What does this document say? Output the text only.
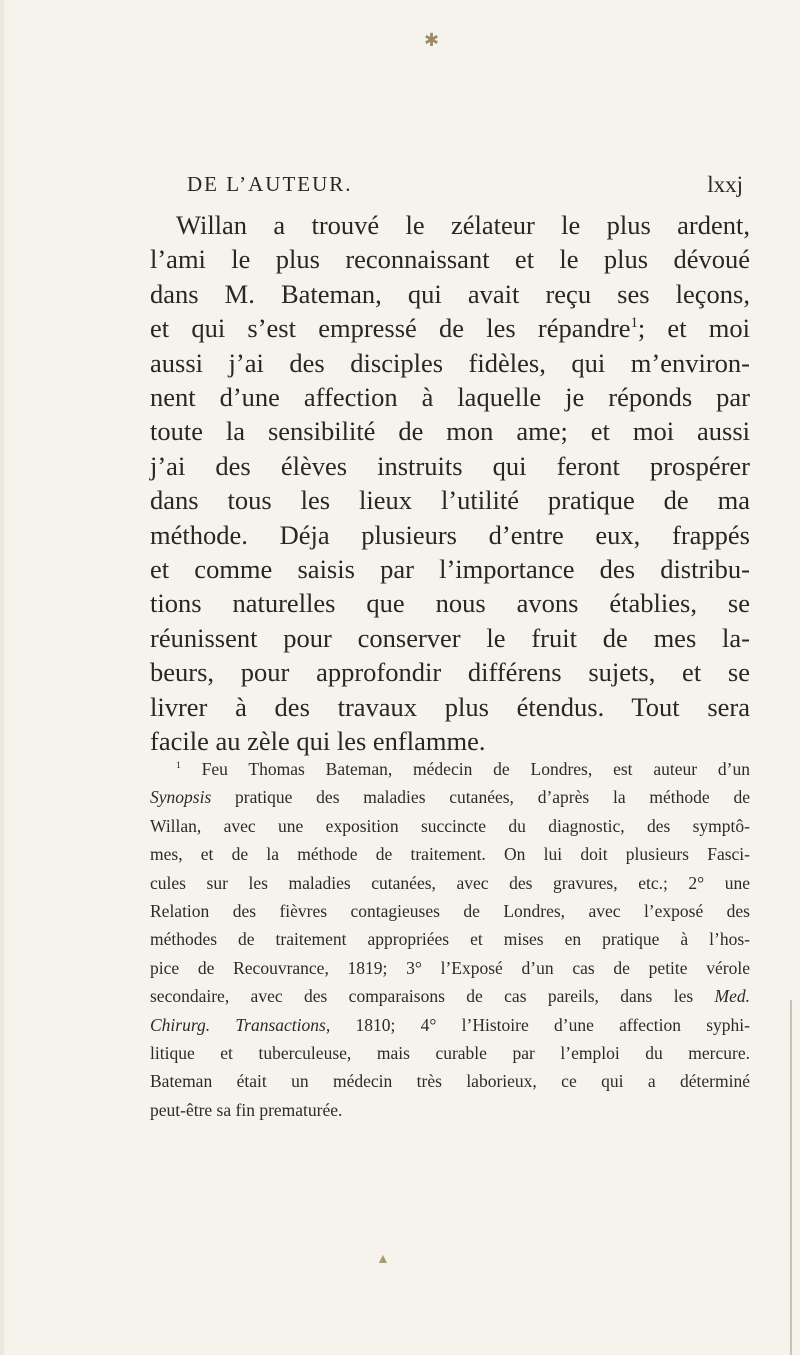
✱
DE L’AUTEUR.	lxxj
Willan a trouvé le zélateur le plus ardent,
l’ami le plus reconnaissant et le plus dévoué
dans M. Bateman, qui avait reçu ses leçons,
et qui s’est empressé de les répandre$^1$; et moi
aussi j’ai des disciples fidèles, qui m’environ-
nent d’une affection à laquelle je réponds par
toute la sensibilité de mon ame; et moi aussi
j’ai des élèves instruits qui feront prospérer
dans tous les lieux l’utilité pratique de ma
méthode. Déja plusieurs d’entre eux, frappés
et comme saisis par l’importance des distribu-
tions naturelles que nous avons établies, se
réunissent pour conserver le fruit de mes la-
beurs, pour approfondir différens sujets, et se
livrer à des travaux plus étendus. Tout sera
facile au zèle qui les enflamme.
$^1$ Feu Thomas Bateman, médecin de Londres, est auteur d’un
Synopsis pratique des maladies cutanées, d’après la méthode de
Willan, avec une exposition succincte du diagnostic, des symptô-
mes, et de la méthode de traitement. On lui doit plusieurs Fasci-
cules sur les maladies cutanées, avec des gravures, etc.; 2° une
Relation des fièvres contagieuses de Londres, avec l’exposé des
méthodes de traitement appropriées et mises en pratique à l’hos-
pice de Recouvrance, 1819; 3° l’Exposé d’un cas de petite vérole
secondaire, avec des comparaisons de cas pareils, dans les Med.
Chirurg. Transactions, 1810; 4° l’Histoire d’une affection syphi-
litique et tuberculeuse, mais curable par l’emploi du mercure.
Bateman était un médecin très laborieux, ce qui a déterminé
peut-être sa fin prematurée.
▲
